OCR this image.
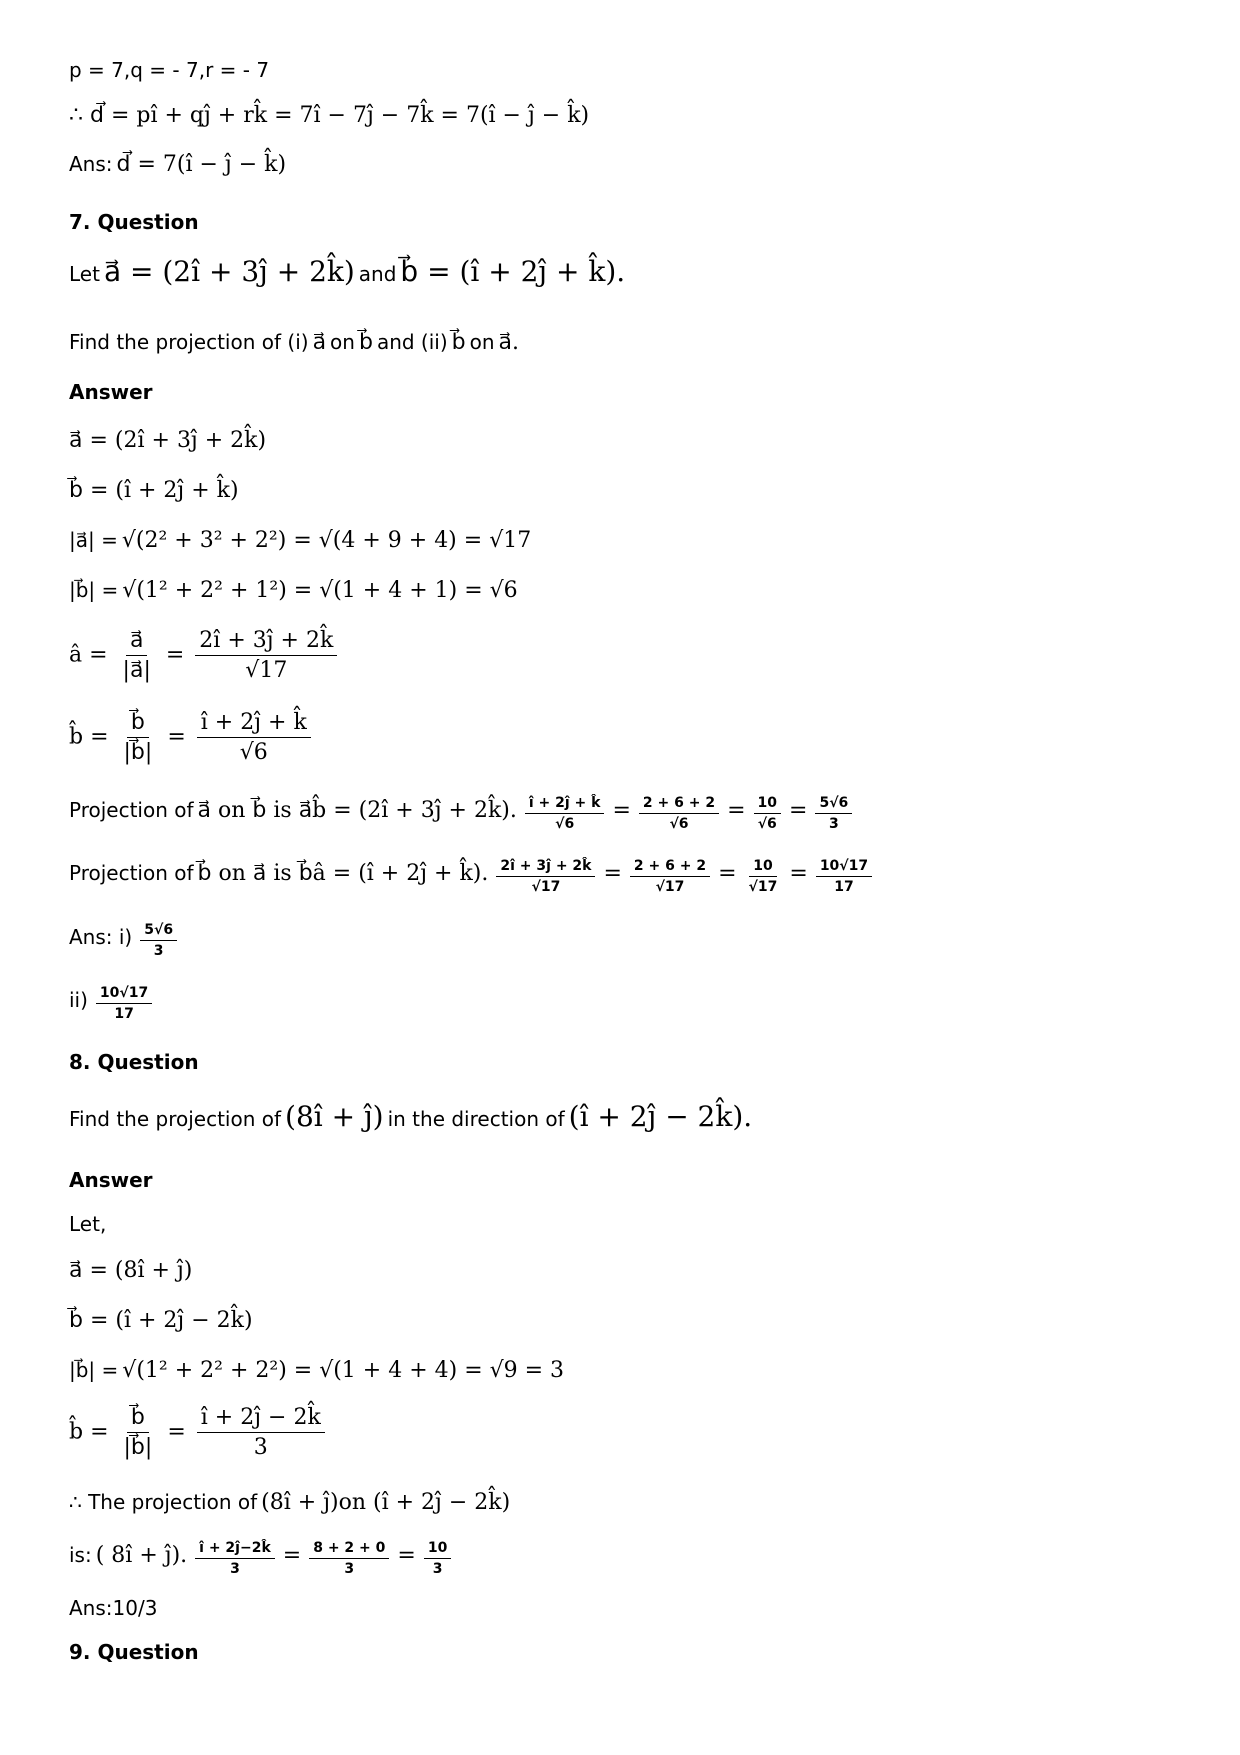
p = 7,q = - 7,r = - 7
∴ d⃗ = pî + qĵ + rk̂ = 7î − 7ĵ − 7k̂ = 7(î − ĵ − k̂)
Ans: d⃗ = 7(î − ĵ − k̂)
7. Question
Let a⃗ = (2î + 3ĵ + 2k̂) and b⃗ = (î + 2ĵ + k̂).
Find the projection of (i) a⃗ on b⃗ and (ii) b⃗ on a⃗.
Answer
a⃗ = (2î + 3ĵ + 2k̂)
b⃗ = (î + 2ĵ + k̂)
|a⃗| = √(2² + 3² + 2²) = √(4 + 9 + 4) = √17
|b⃗| = √(1² + 2² + 1²) = √(1 + 4 + 1) = √6
â = $\frac{a⃗}{|a⃗|} = \frac{2î + 3ĵ + 2k̂}{√17}$
b̂ = $\frac{b⃗}{|b⃗|} = \frac{î + 2ĵ + k̂}{√6}$
Projection of a⃗ on b⃗ is a⃗b̂ = (2î + 3ĵ + 2k̂). $\frac{î + 2ĵ + k̂}{√6} = \frac{2 + 6 + 2}{√6} = \frac{10}{√6} = \frac{5√6}{3}$
Projection of b⃗ on a⃗ is b⃗â = (î + 2ĵ + k̂). $\frac{2î + 3ĵ + 2k̂}{√17} = \frac{2 + 6 + 2}{√17} = \frac{10}{√17} = \frac{10√17}{17}$
Ans: $i) \frac{5√6}{3}$
$ii) \frac{10√17}{17}$
8. Question
Find the projection of (8î + ĵ) in the direction of (î + 2ĵ − 2k̂).
Answer
Let,
a⃗ = (8î + ĵ)
b⃗ = (î + 2ĵ − 2k̂)
|b⃗| = √(1² + 2² + 2²) = √(1 + 4 + 4) = √9 = 3
b̂ = $\frac{b⃗}{|b⃗|} = \frac{î + 2ĵ - 2k̂}{3}$
∴ The projection of (8î + ĵ)on (î + 2ĵ − 2k̂)
is: ( 8î + ĵ). $\frac{î + 2ĵ-2k̂}{3} = \frac{8 + 2 + 0}{3} = \frac{10}{3}$
Ans:10/3
9. Question
